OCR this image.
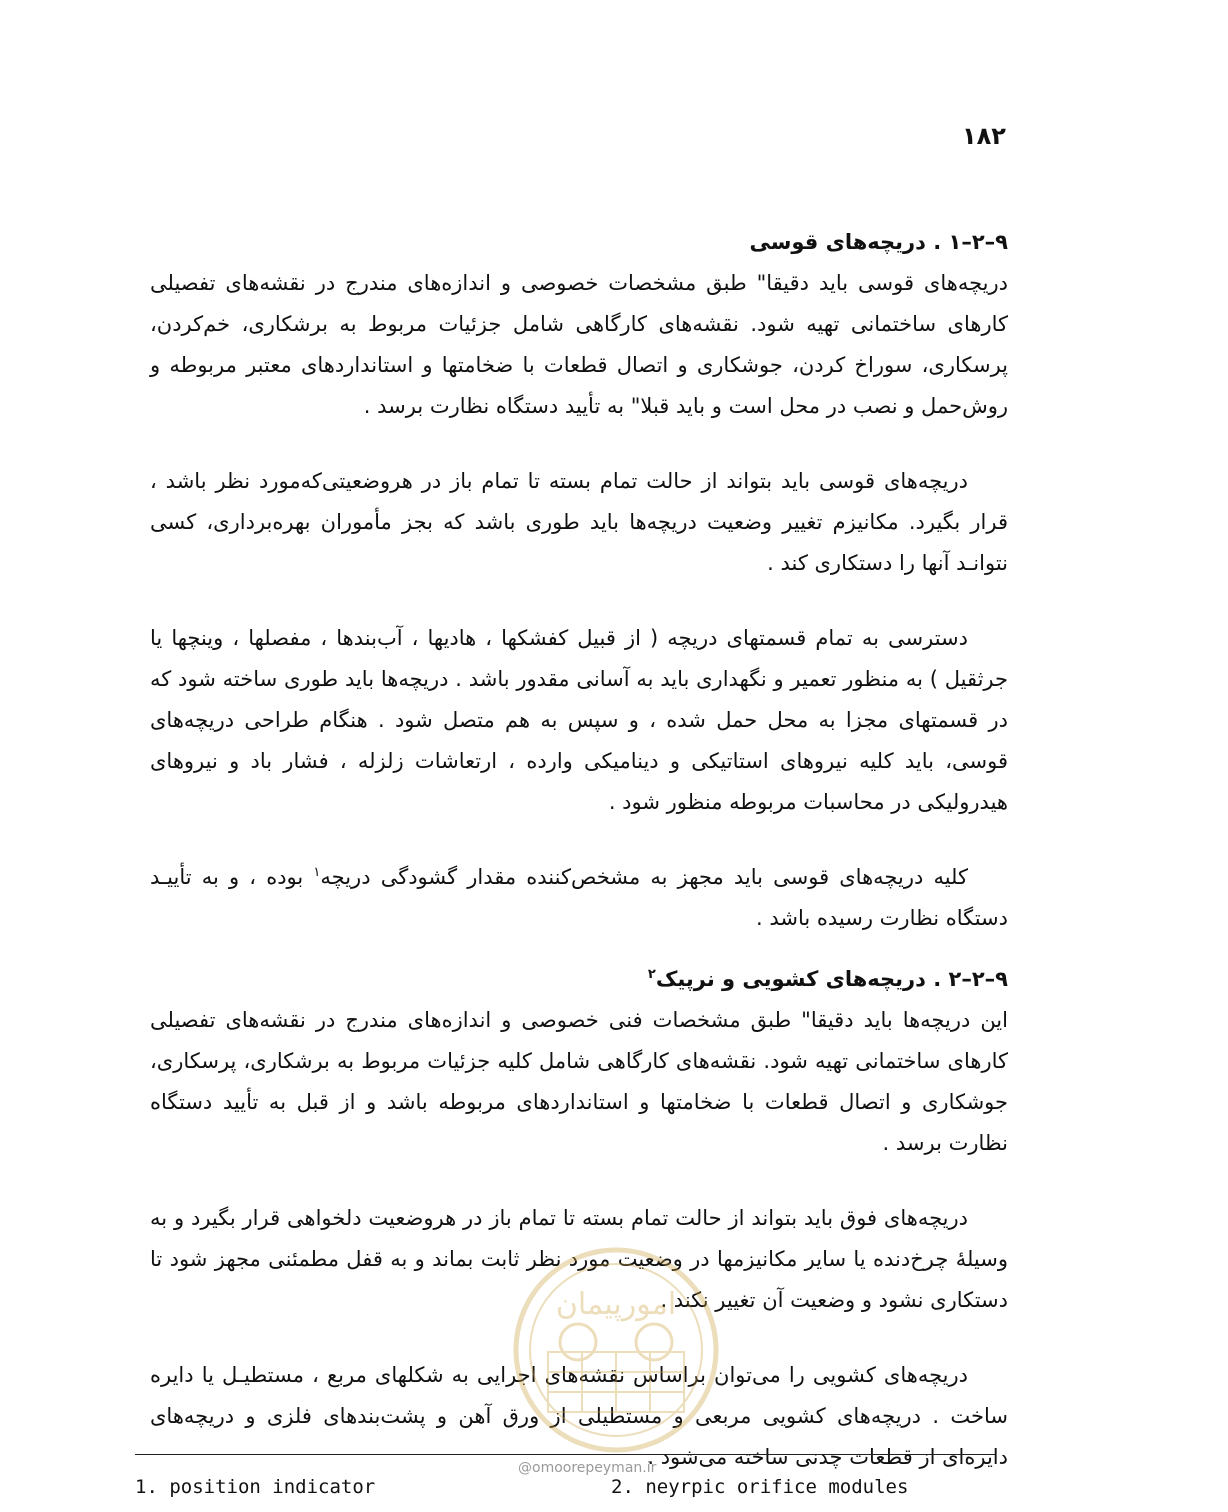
۱۸۲

۹–۲–۱ . دریچه‌های قوسی

دریچه‌های قوسی باید دقیقا" طبق مشخصات خصوصی و اندازه‌های مندرج در نقشه‌های تفصیلی کارهای ساختمانی تهیه شود. نقشه‌های کارگاهی شامل جزئیات مربوط به برشکاری، خم‌کردن، پرسکاری، سوراخ کردن، جوشکاری و اتصال قطعات با ضخامتها و استانداردهای معتبر مربوطه و روش‌حمل و نصب در محل است و باید قبلا" به تأیید دستگاه نظارت برسد .

دریچه‌های قوسی باید بتواند از حالت تمام بسته تا تمام باز در هروضعیتی‌که‌مورد نظر باشد ، قرار بگیرد. مکانیزم تغییر وضعیت دریچه‌ها باید طوری باشد که بجز مأموران بهره‌برداری، کسی نتوانـد آنها را دستکاری کند .

دسترسی به تمام قسمتهای دریچه ( از قبیل کفشکها ، هادیها ، آب‌بندها ، مفصلها ، وینچها یا جرثقیل ) به منظور تعمیر و نگهداری باید به آسانی مقدور باشد . دریچه‌ها باید طوری ساخته شود که در قسمتهای مجزا به محل حمل شده ، و سپس به هم متصل شود . هنگام طراحی دریچه‌های قوسی، باید کلیه نیروهای استاتیکی و دینامیکی وارده ، ارتعاشات زلزله ، فشار باد و نیروهای هیدرولیکی در محاسبات مربوطه منظور شود .

کلیه دریچه‌های قوسی باید مجهز به مشخص‌کننده مقدار گشودگی دریچه$^۱$ بوده ، و به تأییـد دستگاه نظارت رسیده باشد .

۹–۲–۲ . دریچه‌های کشویی و نرپیک$^۲$

این دریچه‌ها باید دقیقا" طبق مشخصات فنی خصوصی و اندازه‌های مندرج در نقشه‌های تفصیلی کارهای ساختمانی تهیه شود. نقشه‌های کارگاهی شامل کلیه جزئیات مربوط به برشکاری، پرسکاری، جوشکاری و اتصال قطعات با ضخامتها و استانداردهای مربوطه باشد و از قبل به تأیید دستگاه نظارت برسد .

دریچه‌های فوق باید بتواند از حالت تمام بسته تا تمام باز در هروضعیت دلخواهی قرار بگیرد و به وسیلهٔ چرخ‌دنده یا سایر مکانیزمها در وضعیت مورد نظر ثابت بماند و به قفل مطمئنی مجهز شود تا دستکاری نشود و وضعیت آن تغییر نکند .

دریچه‌های کشویی را می‌توان براساس نقشه‌های اجرایی به شکلهای مربع ، مستطیـل یا دایره ساخت . دریچه‌های کشویی مربعی و مستطیلی از ورق آهن و پشت‌بندهای فلزی و دریچه‌های دایره‌ای از قطعات چدنی ساخته می‌شود .

امورپیمان
@omoorepeyman.ir
1. position indicator	2. neyrpic orifice modules
